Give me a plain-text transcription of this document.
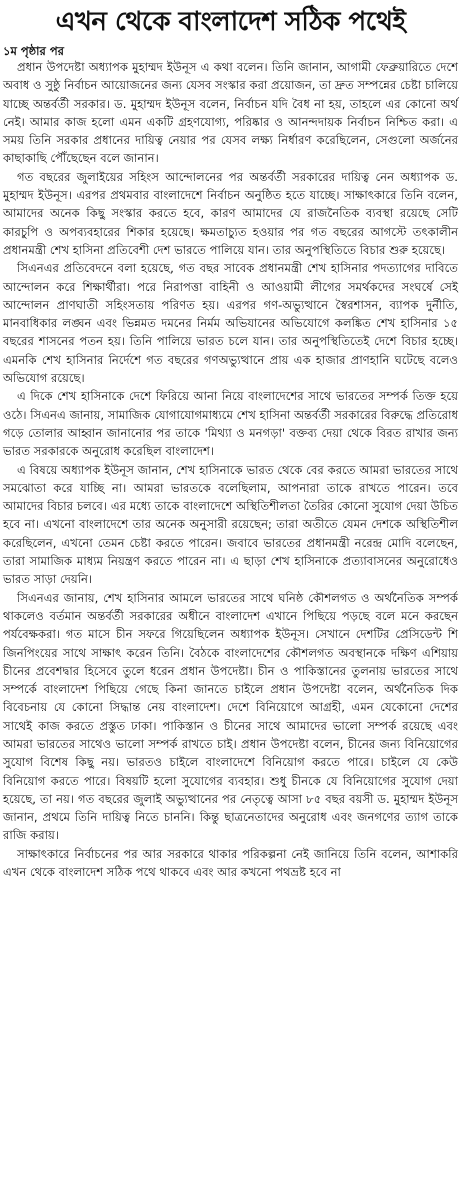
এখন থেকে বাংলাদেশ সঠিক পথেই
১ম পৃষ্ঠার পর

প্রধান উপদেষ্টা অধ্যাপক মুহাম্মদ ইউনূস এ কথা বলেন। তিনি জানান, আগামী ফেব্রুয়ারিতে দেশে অবাধ ও সুষ্ঠু নির্বাচন আয়োজনের জন্য যেসব সংস্কার করা প্রয়োজন, তা দ্রুত সম্পন্নের চেষ্টা চালিয়ে যাচ্ছে অন্তর্বর্তী সরকার। ড. মুহাম্মদ ইউনূস বলেন, নির্বাচন যদি বৈধ না হয়, তাহলে এর কোনো অর্থ নেই। আমার কাজ হলো এমন একটি গ্রহণযোগ্য, পরিষ্কার ও আনন্দদায়ক নির্বাচন নিশ্চিত করা। এ সময় তিনি সরকার প্রধানের দায়িত্ব নেয়ার পর যেসব লক্ষ্য নির্ধারণ করেছিলেন, সেগুলো অর্জনের কাছাকাছি পৌঁছেছেন বলে জানান।

গত বছরের জুলাইয়ের সহিংস আন্দোলনের পর অন্তর্বর্তী সরকারের দায়িত্ব নেন অধ্যাপক ড. মুহাম্মদ ইউনূস। এরপর প্রথমবার বাংলাদেশে নির্বাচন অনুষ্ঠিত হতে যাচ্ছে। সাক্ষাৎকারে তিনি বলেন, আমাদের অনেক কিছু সংস্কার করতে হবে, কারণ আমাদের যে রাজনৈতিক ব্যবস্থা রয়েছে সেটি কারচুপি ও অপব্যবহারের শিকার হয়েছে। ক্ষমতাচ্যুত হওয়ার পর গত বছরের আগস্টে তৎকালীন প্রধানমন্ত্রী শেখ হাসিনা প্রতিবেশী দেশ ভারতে পালিয়ে যান। তার অনুপস্থিতিতে বিচার শুরু হয়েছে।

সিএনএর প্রতিবেদনে বলা হয়েছে, গত বছর সাবেক প্রধানমন্ত্রী শেখ হাসিনার পদত্যাগের দাবিতে আন্দোলন করে শিক্ষার্থীরা। পরে নিরাপত্তা বাহিনী ও আওয়ামী লীগের সমর্থকদের সংঘর্ষে সেই আন্দোলন প্রাণঘাতী সহিংসতায় পরিণত হয়। এরপর গণ-অভ্যুত্থানে স্বৈরশাসন, ব্যাপক দুর্নীতি, মানবাধিকার লঙ্ঘন এবং ভিন্নমত দমনের নির্মম অভিযানের অভিযোগে কলঙ্কিত শেখ হাসিনার ১৫ বছরের শাসনের পতন হয়। তিনি পালিয়ে ভারত চলে যান। তার অনুপস্থিতিতেই দেশে বিচার হচ্ছে। এমনকি শেখ হাসিনার নির্দেশে গত বছরের গণঅভ্যুত্থানে প্রায় এক হাজার প্রাণহানি ঘটেছে বলেও অভিযোগ রয়েছে।

এ দিকে শেখ হাসিনাকে দেশে ফিরিয়ে আনা নিয়ে বাংলাদেশের সাথে ভারতের সম্পর্ক তিক্ত হয়ে ওঠে। সিএনএ জানায়, সামাজিক যোগাযোগমাধ্যমে শেখ হাসিনা অন্তর্বর্তী সরকারের বিরুদ্ধে প্রতিরোধ গড়ে তোলার আহ্বান জানানোর পর তাকে 'মিথ্যা ও মনগড়া' বক্তব্য দেয়া থেকে বিরত রাখার জন্য ভারত সরকারকে অনুরোধ করেছিল বাংলাদেশ।

এ বিষয়ে অধ্যাপক ইউনূস জানান, শেখ হাসিনাকে ভারত থেকে বের করতে আমরা ভারতের সাথে সমঝোতা করে যাচ্ছি না। আমরা ভারতকে বলেছিলাম, আপনারা তাকে রাখতে পারেন। তবে আমাদের বিচার চলবে। এর মধ্যে তাকে বাংলাদেশে অস্থিতিশীলতা তৈরির কোনো সুযোগ দেয়া উচিত হবে না। এখনো বাংলাদেশে তার অনেক অনুসারী রয়েছেন; তারা অতীতে যেমন দেশকে অস্থিতিশীল করেছিলেন, এখনো তেমন চেষ্টা করতে পারেন। জবাবে ভারতের প্রধানমন্ত্রী নরেন্দ্র মোদি বলেছেন, তারা সামাজিক মাধ্যম নিয়ন্ত্রণ করতে পারেন না। এ ছাড়া শেখ হাসিনাকে প্রত্যাবাসনের অনুরোধেও ভারত সাড়া দেয়নি।

সিএনএর জানায়, শেখ হাসিনার আমলে ভারতের সাথে ঘনিষ্ঠ কৌশলগত ও অর্থনৈতিক সম্পর্ক থাকলেও বর্তমান অন্তর্বর্তী সরকারের অধীনে বাংলাদেশ এখানে পিছিয়ে পড়ছে বলে মনে করছেন পর্যবেক্ষকরা। গত মাসে চীন সফরে গিয়েছিলেন অধ্যাপক ইউনূস। সেখানে দেশটির প্রেসিডেন্ট শি জিনপিংয়ের সাথে সাক্ষাৎ করেন তিনি। বৈঠকে বাংলাদেশের কৌশলগত অবস্থানকে দক্ষিণ এশিয়ায় চীনের প্রবেশদ্বার হিসেবে তুলে ধরেন প্রধান উপদেষ্টা। চীন ও পাকিস্তানের তুলনায় ভারতের সাথে সম্পর্কে বাংলাদেশ পিছিয়ে গেছে কিনা জানতে চাইলে প্রধান উপদেষ্টা বলেন, অর্থনৈতিক দিক বিবেচনায় যে কোনো সিদ্ধান্ত নেয় বাংলাদেশ। দেশে বিনিয়োগে আগ্রহী, এমন যেকোনো দেশের সাথেই কাজ করতে প্রস্তুত ঢাকা। পাকিস্তান ও চীনের সাথে আমাদের ভালো সম্পর্ক রয়েছে এবং আমরা ভারতের সাথেও ভালো সম্পর্ক রাখতে চাই। প্রধান উপদেষ্টা বলেন, চীনের জন্য বিনিয়োগের সুযোগ বিশেষ কিছু নয়। ভারতও চাইলে বাংলাদেশে বিনিয়োগ করতে পারে। চাইলে যে কেউ বিনিয়োগ করতে পারে। বিষয়টি হলো সুযোগের ব্যবহার। শুধু চীনকে যে বিনিয়োগের সুযোগ দেয়া হয়েছে, তা নয়। গত বছরের জুলাই অভ্যুত্থানের পর নেতৃত্বে আসা ৮৫ বছর বয়সী ড. মুহাম্মদ ইউনূস জানান, প্রথমে তিনি দায়িত্ব নিতে চাননি। কিন্তু ছাত্রনেতাদের অনুরোধ এবং জনগণের ত্যাগ তাকে রাজি করায়।

সাক্ষাৎকারে নির্বাচনের পর আর সরকারে থাকার পরিকল্পনা নেই জানিয়ে তিনি বলেন, আশাকরি এখন থেকে বাংলাদেশ সঠিক পথে থাকবে এবং আর কখনো পথভ্রষ্ট হবে না
